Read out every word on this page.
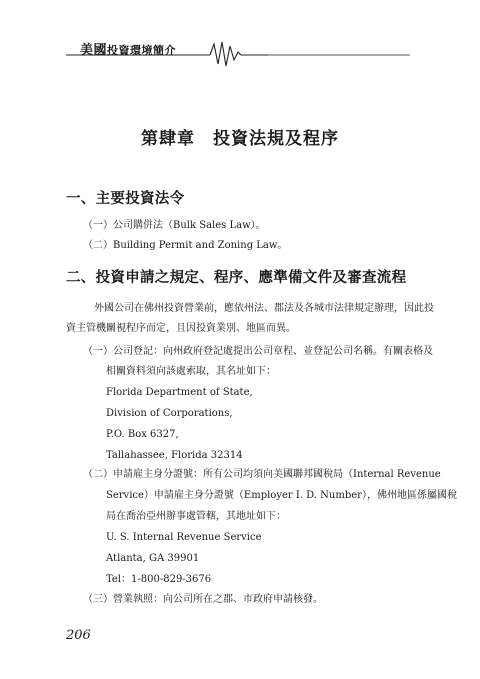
美國投資環境簡介
第肆章　投資法規及程序
一、主要投資法令
（一）公司購併法（Bulk Sales Law）。
（二）Building Permit and Zoning Law。
二、投資申請之規定、程序、應準備文件及審查流程
外國公司在佛州投資營業前，應依州法、郡法及各城市法律規定辦理，因此投
資主管機關視程序而定，且因投資業別、地區而異。
（一）公司登記：向州政府登記處提出公司章程、並登記公司名稱。有關表格及
相關資料須向該處索取，其名址如下：
Florida Department of State,
Division of Corporations,
P.O. Box 6327,
Tallahassee, Florida 32314
（二）申請雇主身分證號：所有公司均須向美國聯邦國稅局（Internal Revenue
Service）申請雇主身分證號（Employer I. D. Number），佛州地區係屬國稅
局在喬治亞州辦事處管轄，其地址如下：
U. S. Internal Revenue Service
Atlanta, GA 39901
Tel：1-800-829-3676
（三）營業執照：向公司所在之郡、市政府申請核發。
206
